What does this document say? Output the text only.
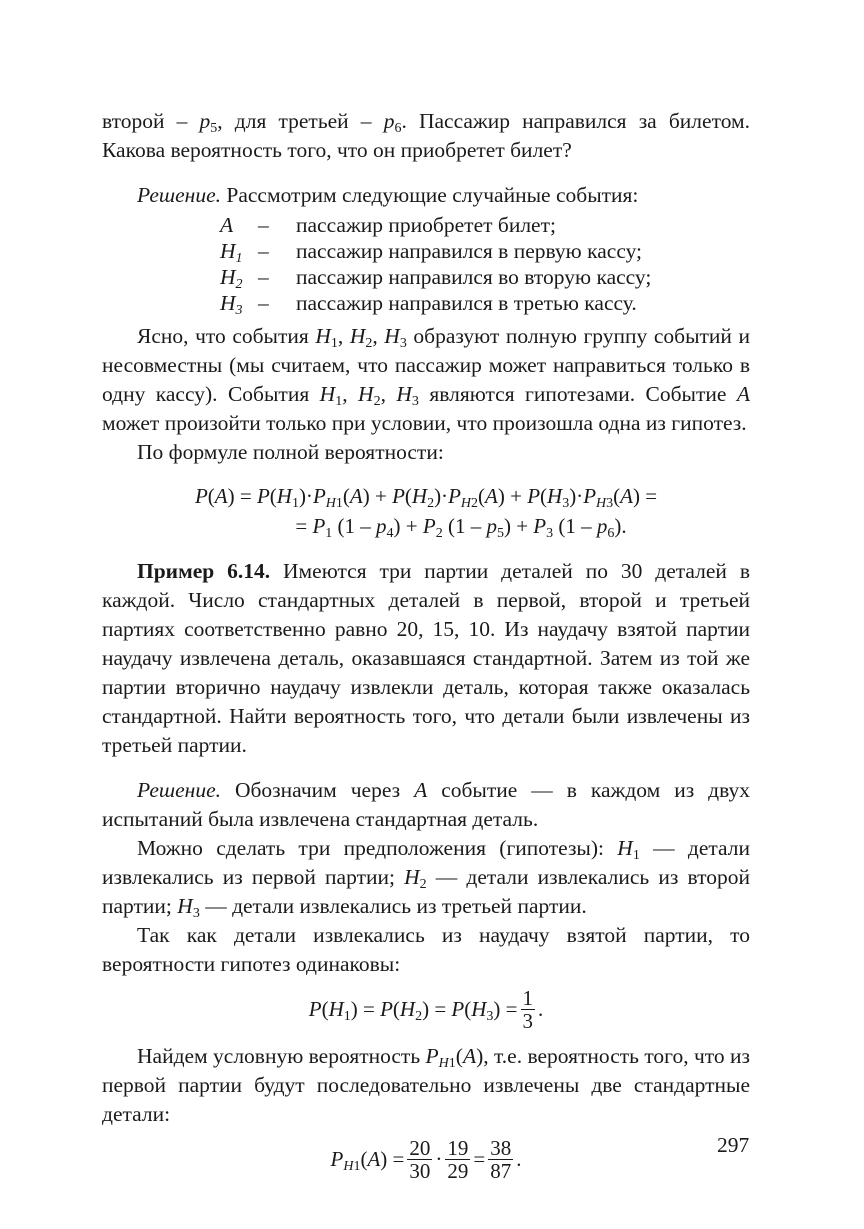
второй – $p_5$, для третьей – $p_6$. Пассажир направился за билетом. Какова вероятность того, что он приобретет билет?

Решение. Рассмотрим следующие случайные события:

A	–	пассажир приобретет билет;
$H_1$ –	пассажир направился в первую кассу;
$H_2$ –	пассажир направился во вторую кассу;
$H_3$ –	пассажир направился в третью кассу.

Ясно, что события $H_1$, $H_2$, $H_3$ образуют полную группу событий и несовместны (мы считаем, что пассажир может направиться только в одну кассу). События $H_1$, $H_2$, $H_3$ являются гипотезами. Событие A может произойти только при условии, что произошла одна из гипотез.

По формуле полной вероятности:

$P(A) = P(H_1)\cdot P_{H1}(A) + P(H_2)\cdot P_{H2}(A) + P(H_3)\cdot P_{H3}(A)$ =
= $P_1$ $(1 - p_4) + P_2$ $(1 - p_5) + P_3$ $(1 - p_6)$.

Пример 6.14. Имеются три партии деталей по 30 деталей в каждой. Число стандартных деталей в первой, второй и третьей партиях соответственно равно 20, 15, 10. Из наудачу взятой партии наудачу извлечена деталь, оказавшаяся стандартной. Затем из той же партии вторично наудачу извлекли деталь, которая также оказалась стандартной. Найти вероятность того, что детали были извлечены из третьей партии.

Решение. Обозначим через A событие — в каждом из двух испытаний была извлечена стандартная деталь.

Можно сделать три предположения (гипотезы): $H_1$ — детали извлекались из первой партии; $H_2$ — детали извлекались из второй партии; $H_3$ — детали извлекались из третьей партии.

Так как детали извлекались из наудачу взятой партии, то вероятности гипотез одинаковы:

$P(H_1) = P(H_2) = P(H_3) = \frac{1}{3}$ .

Найдем условную вероятность $P_{H1}(A)$, т.е. вероятность того, что из первой партии будут последовательно извлечены две стандартные детали:

$P_{H1}(A) = \frac{20}{30} \cdot \frac{19}{29} = \frac{38}{87}$ .
297
